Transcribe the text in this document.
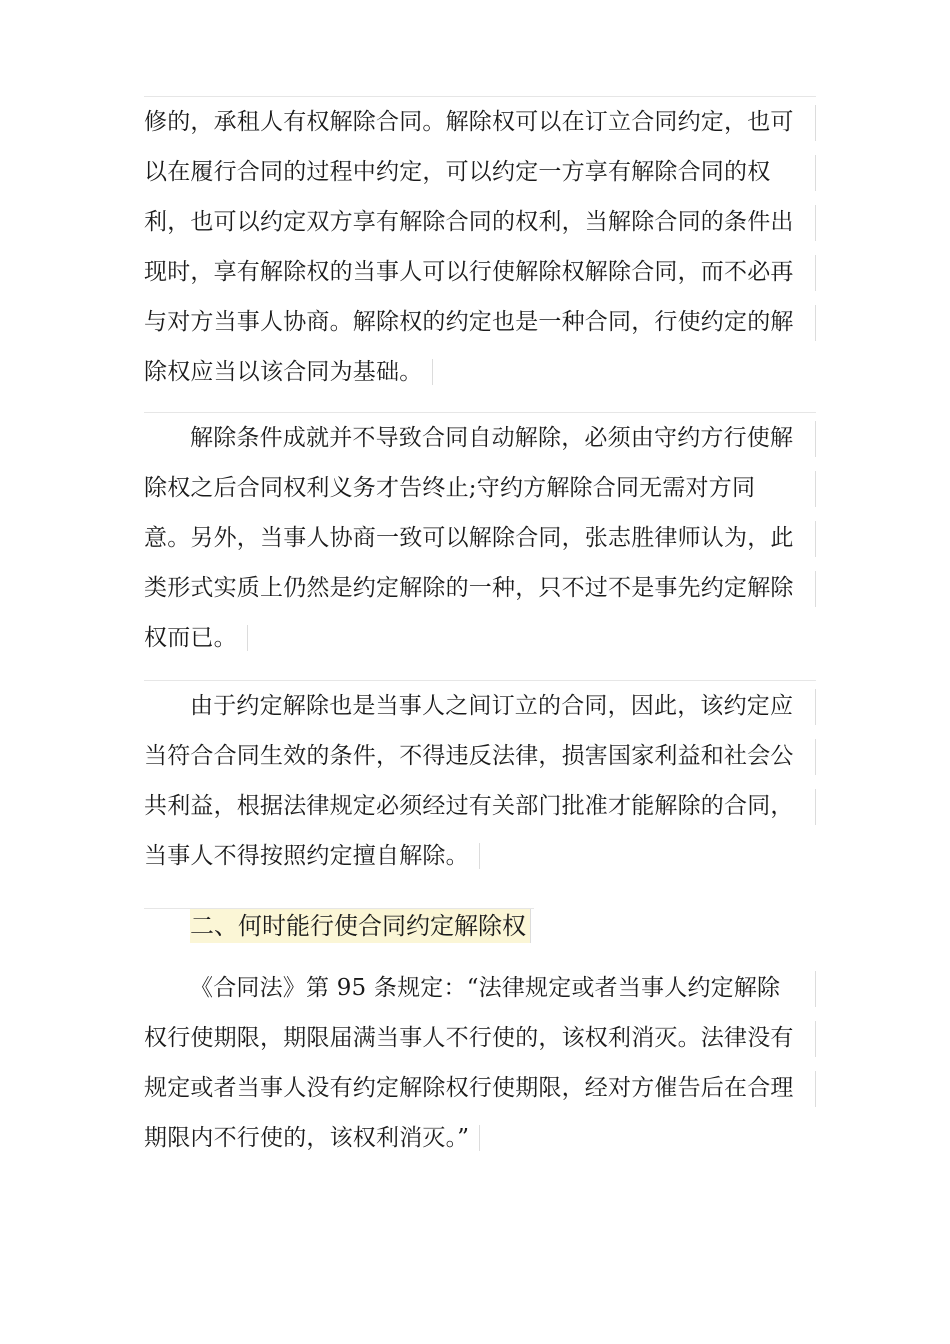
修的，承租人有权解除合同。解除权可以在订立合同约定，也可
以在履行合同的过程中约定，可以约定一方享有解除合同的权
利，也可以约定双方享有解除合同的权利，当解除合同的条件出
现时，享有解除权的当事人可以行使解除权解除合同，而不必再
与对方当事人协商。解除权的约定也是一种合同，行使约定的解
除权应当以该合同为基础。
解除条件成就并不导致合同自动解除，必须由守约方行使解
除权之后合同权利义务才告终止;守约方解除合同无需对方同
意。另外，当事人协商一致可以解除合同，张志胜律师认为，此
类形式实质上仍然是约定解除的一种，只不过不是事先约定解除
权而已。
由于约定解除也是当事人之间订立的合同，因此，该约定应
当符合合同生效的条件，不得违反法律，损害国家利益和社会公
共利益，根据法律规定必须经过有关部门批准才能解除的合同，
当事人不得按照约定擅自解除。
二、何时能行使合同约定解除权
《合同法》第 95 条规定：“法律规定或者当事人约定解除
权行使期限，期限届满当事人不行使的，该权利消灭。法律没有
规定或者当事人没有约定解除权行使期限，经对方催告后在合理
期限内不行使的，该权利消灭。”
